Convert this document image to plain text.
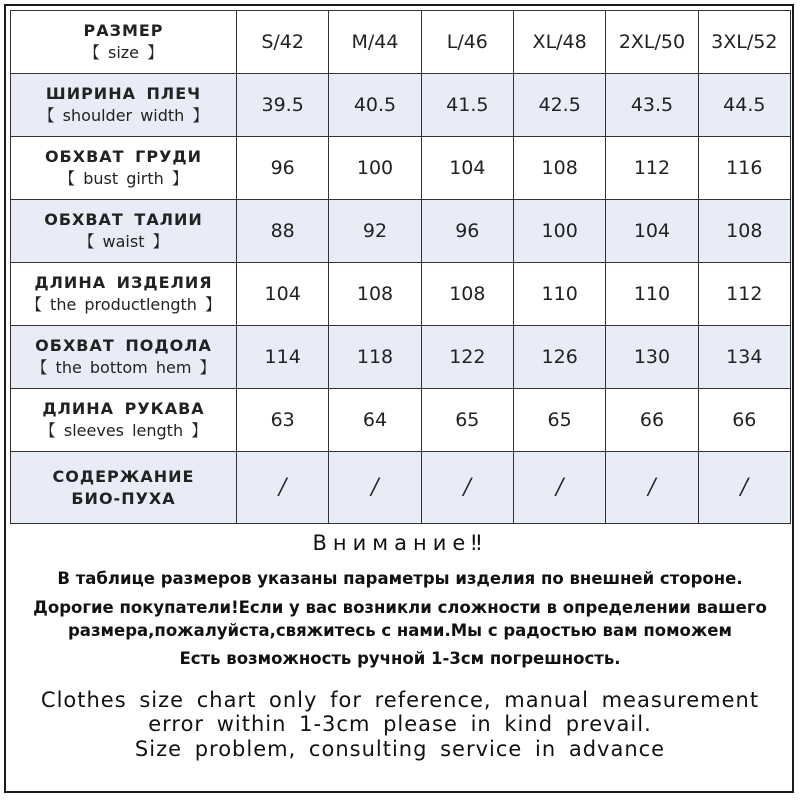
РАЗМЕР
【 size 】	S/42	M/44	L/46	XL/48	2XL/50	3XL/52

ШИРИНА ПЛЕЧ
【 shoulder width 】	39.5	40.5	41.5	42.5	43.5	44.5

ОБХВАТ ГРУДИ
【 bust girth 】	96	100	104	108	112	116

ОБХВАТ ТАЛИИ
【 waist 】	88	92	96	100	104	108

ДЛИНА ИЗДЕЛИЯ
【 the productlength 】	104	108	108	110	110	112

ОБХВАТ ПОДОЛА
【 the bottom hem 】	114	118	122	126	130	134

ДЛИНА РУКАВА
【 sleeves length 】	63	64	65	65	66	66

СОДЕРЖАНИЕ
БИО-ПУХА	/	/	/	/	/	/
Внимание‼
В таблице размеров указаны параметры изделия по внешней стороне.
Дорогие покупатели!Если у вас возникли сложности в определении вашего
размера,пожалуйста,свяжитесь с нами.Мы с радостью вам поможем
Есть возможность ручной 1-3см погрешность.
Clothes size chart only for reference, manual measurement
error within 1-3cm please in kind prevail.
Size problem, consulting service in advance
